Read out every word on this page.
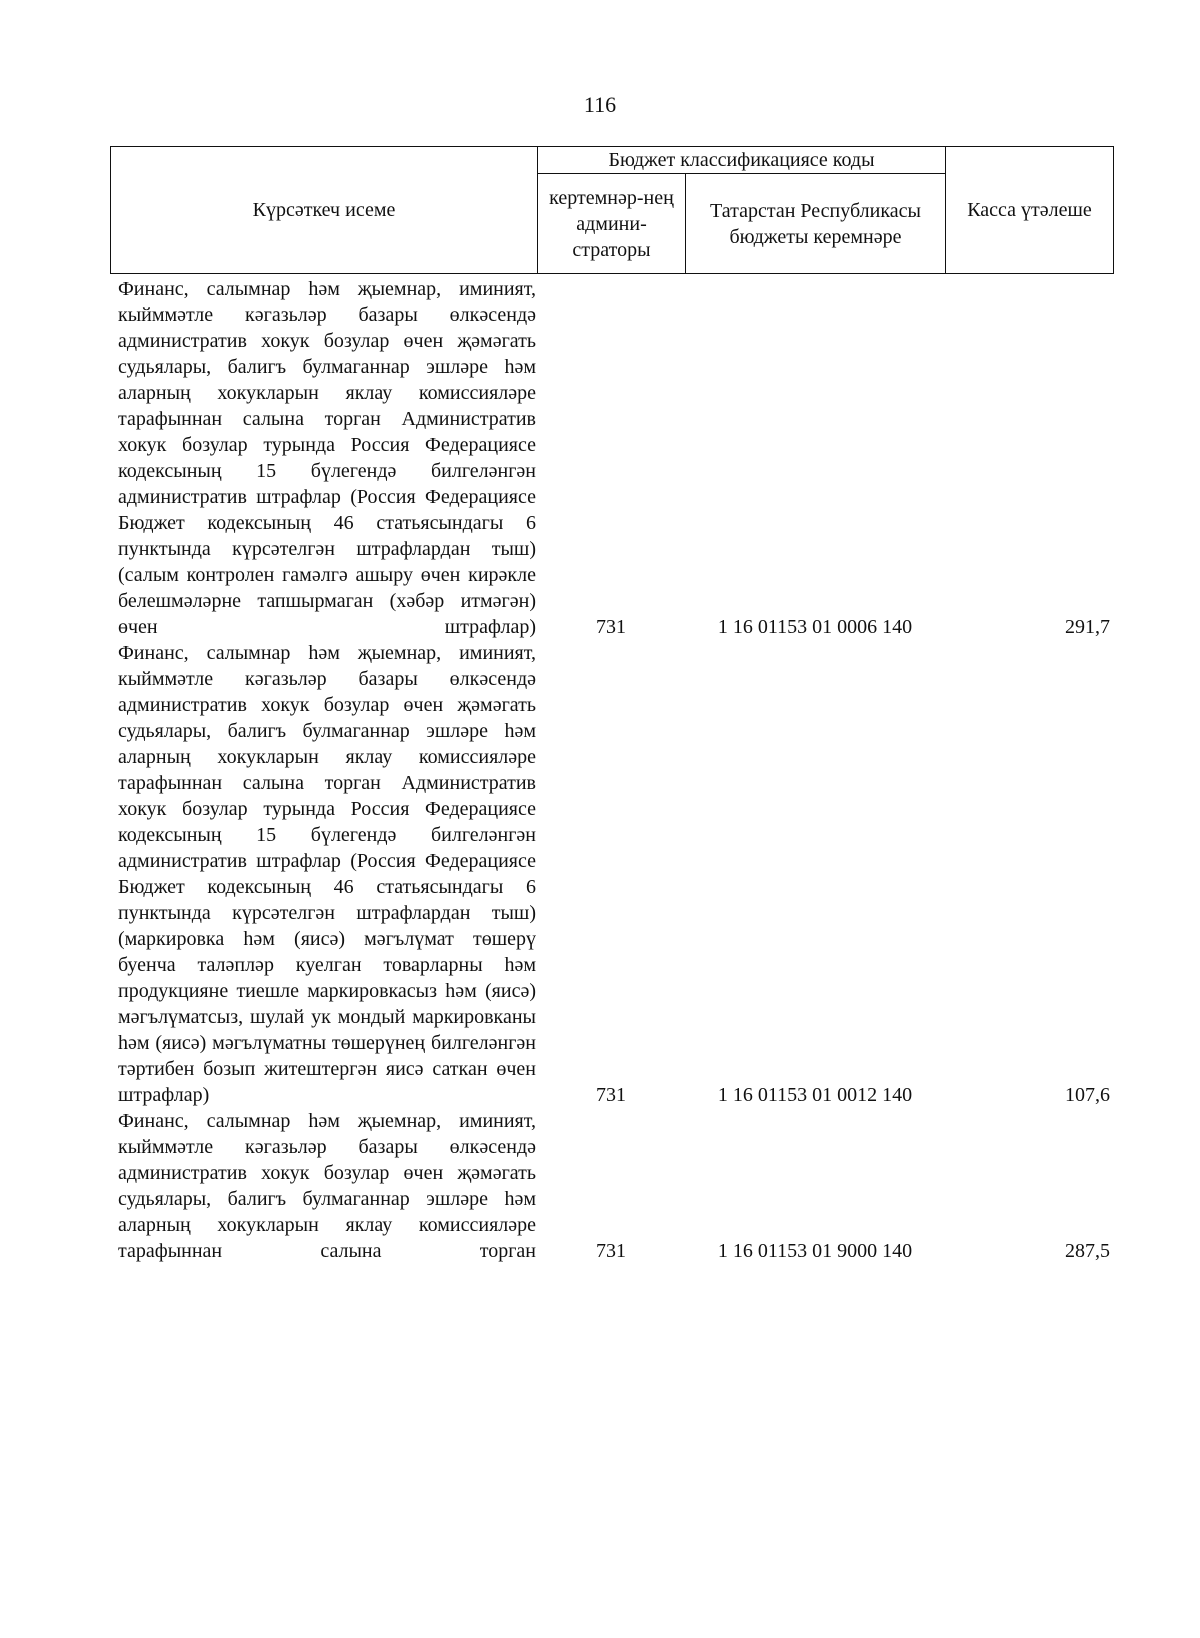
116
Күрсәткеч исеме	Бюджет классификациясе коды		Касса үтәлеше
	кертемнәр-нең админи-страторы	Татарстан Республикасы бюджеты керемнәре	
Финанс, салымнар һәм җыемнар, иминият, кыйммәтле кәгазьләр базары өлкәсендә административ хокук бозулар өчен җәмәгать судьялары, балигъ булмаганнар эшләре һәм аларның хокукларын яклау комиссияләре тарафыннан салына торган Административ хокук бозулар турында Россия Федерациясе кодексының 15 бүлегендә билгеләнгән административ штрафлар (Россия Федерациясе Бюджет кодексының 46 статьясындагы 6 пунктында күрсәтелгән штрафлардан тыш) (салым контролен гамәлгә ашыру өчен кирәкле белешмәләрне тапшырмаган (хәбәр итмәгән) өчен штрафлар)	731	1 16 01153 01 0006 140	291,7
Финанс, салымнар һәм җыемнар, иминият, кыйммәтле кәгазьләр базары өлкәсендә административ хокук бозулар өчен җәмәгать судьялары, балигъ булмаганнар эшләре һәм аларның хокукларын яклау комиссияләре тарафыннан салына торган Административ хокук бозулар турында Россия Федерациясе кодексының 15 бүлегендә билгеләнгән административ штрафлар (Россия Федерациясе Бюджет кодексының 46 статьясындагы 6 пунктында күрсәтелгән штрафлардан тыш) (маркировка һәм (яисә) мәгълүмат төшерү буенча таләпләр куелган товарларны һәм продукцияне тиешле маркировкасыз һәм (яисә) мәгълүматсыз, шулай ук мондый маркировканы һәм (яисә) мәгълүматны төшерүнең билгеләнгән тәртибен бозып житештергән яисә саткан өчен штрафлар)	731	1 16 01153 01 0012 140	107,6
Финанс, салымнар һәм җыемнар, иминият, кыйммәтле кәгазьләр базары өлкәсендә административ хокук бозулар өчен җәмәгать судьялары, балигъ булмаганнар эшләре һәм аларның хокукларын яклау комиссияләре тарафыннан салына торган	731	1 16 01153 01 9000 140	287,5
